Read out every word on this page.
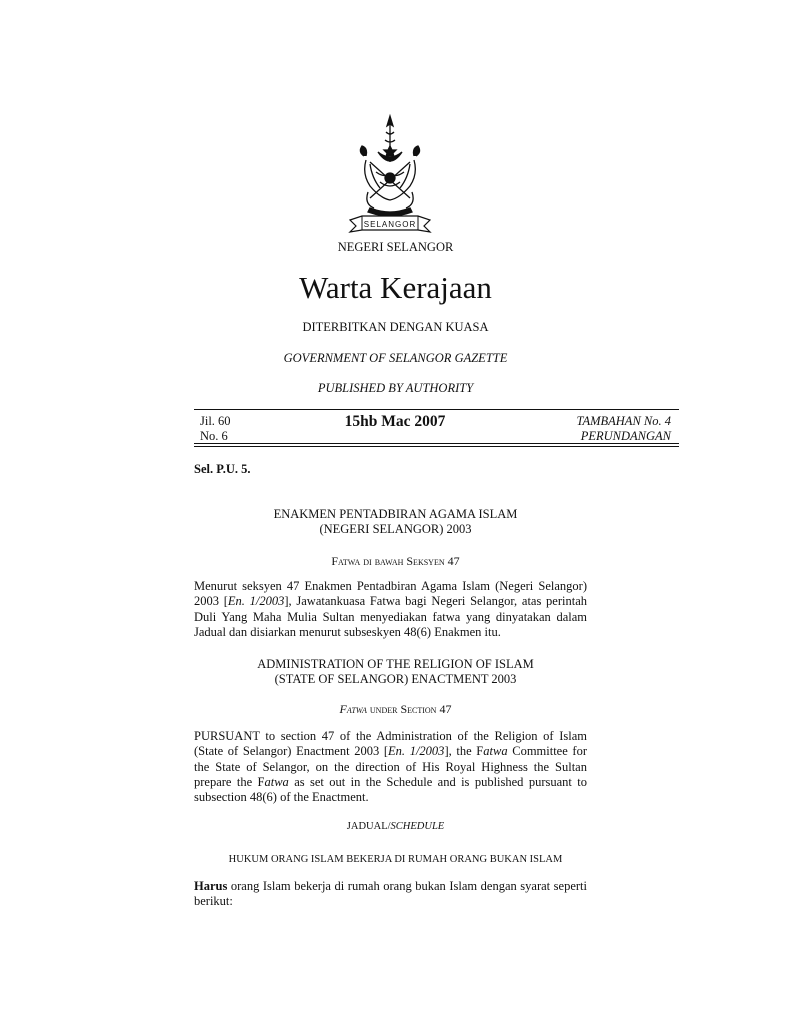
SELANGOR
NEGERI SELANGOR
Warta Kerajaan
DITERBITKAN DENGAN KUASA
GOVERNMENT OF SELANGOR GAZETTE
PUBLISHED BY AUTHORITY
Jil. 60
No. 6
15hb Mac 2007	TAMBAHAN No. 4
PERUNDANGAN
Sel. P.U. 5.
ENAKMEN PENTADBIRAN AGAMA ISLAM
(NEGERI SELANGOR) 2003
Fatwa di bawah Seksyen 47
Menurut seksyen 47 Enakmen Pentadbiran Agama Islam (Negeri Selangor) 2003 [En. 1/2003], Jawatankuasa Fatwa bagi Negeri Selangor, atas perintah Duli Yang Maha Mulia Sultan menyediakan fatwa yang dinyatakan dalam Jadual dan disiarkan menurut subseskyen 48(6) Enakmen itu.
ADMINISTRATION OF THE RELIGION OF ISLAM
(STATE OF SELANGOR) ENACTMENT 2003
Fatwa under Section 47
PURSUANT to section 47 of the Administration of the Religion of Islam (State of Selangor) Enactment 2003 [En. 1/2003], the Fatwa Committee for the State of Selangor, on the direction of His Royal Highness the Sultan prepare the Fatwa as set out in the Schedule and is published pursuant to subsection 48(6) of the Enactment.
JADUAL/SCHEDULE
HUKUM ORANG ISLAM BEKERJA DI RUMAH ORANG BUKAN ISLAM
Harus orang Islam bekerja di rumah orang bukan Islam dengan syarat seperti berikut:
